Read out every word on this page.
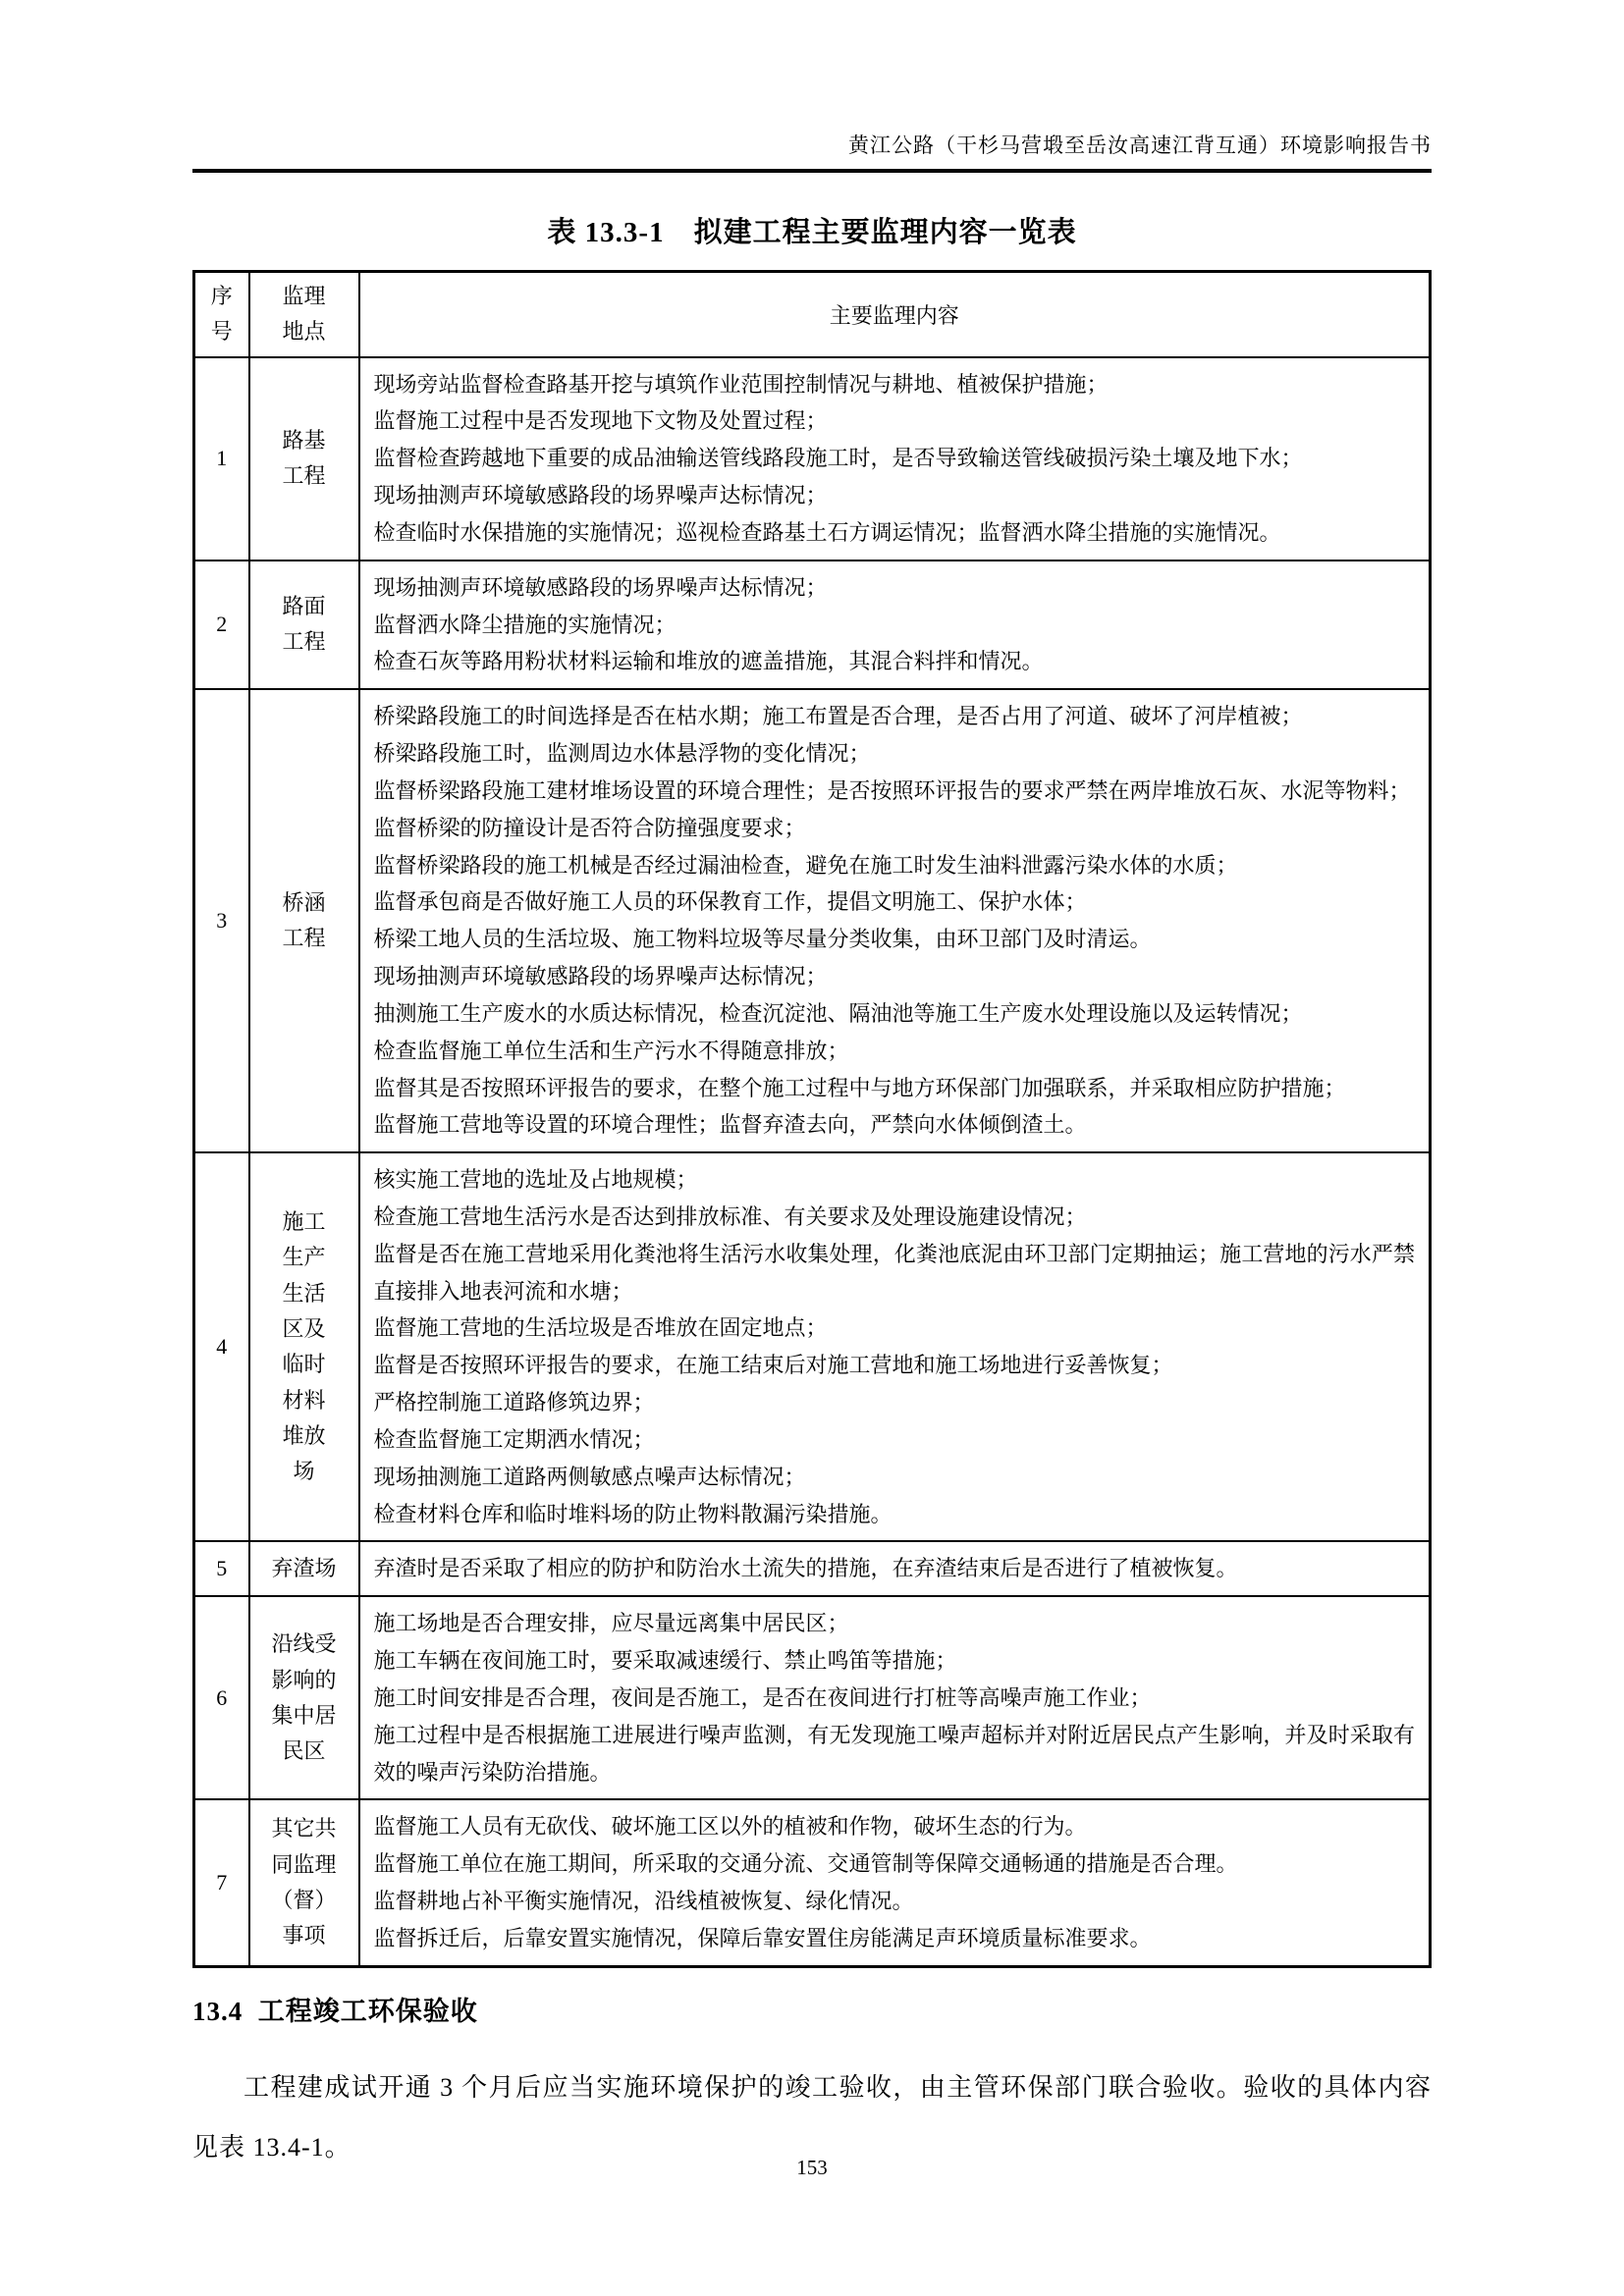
黄江公路（干杉马营塅至岳汝高速江背互通）环境影响报告书
表 13.3-1　拟建工程主要监理内容一览表
序号	监理地点	主要监理内容
1	路基工程	现场旁站监督检查路基开挖与填筑作业范围控制情况与耕地、植被保护措施；
监督施工过程中是否发现地下文物及处置过程；
监督检查跨越地下重要的成品油输送管线路段施工时，是否导致输送管线破损污染土壤及地下水；
现场抽测声环境敏感路段的场界噪声达标情况；
检查临时水保措施的实施情况；巡视检查路基土石方调运情况；监督洒水降尘措施的实施情况。

2	路面工程	现场抽测声环境敏感路段的场界噪声达标情况；
监督洒水降尘措施的实施情况；
检查石灰等路用粉状材料运输和堆放的遮盖措施，其混合料拌和情况。

3	桥涵工程	
桥梁路段施工的时间选择是否在枯水期；施工布置是否合理，是否占用了河道、破坏了河岸植被；
桥梁路段施工时，监测周边水体悬浮物的变化情况；
监督桥梁路段施工建材堆场设置的环境合理性；是否按照环评报告的要求严禁在两岸堆放石灰、水泥等物料；
监督桥梁的防撞设计是否符合防撞强度要求；
监督桥梁路段的施工机械是否经过漏油检查，避免在施工时发生油料泄露污染水体的水质；
监督承包商是否做好施工人员的环保教育工作，提倡文明施工、保护水体；
桥梁工地人员的生活垃圾、施工物料垃圾等尽量分类收集，由环卫部门及时清运。
现场抽测声环境敏感路段的场界噪声达标情况；
抽测施工生产废水的水质达标情况，检查沉淀池、隔油池等施工生产废水处理设施以及运转情况；
检查监督施工单位生活和生产污水不得随意排放；
监督其是否按照环评报告的要求，在整个施工过程中与地方环保部门加强联系，并采取相应防护措施；
监督施工营地等设置的环境合理性；监督弃渣去向，严禁向水体倾倒渣土。

4	施工生产生活区及临时材料堆放场	
核实施工营地的选址及占地规模；
检查施工营地生活污水是否达到排放标准、有关要求及处理设施建设情况；
监督是否在施工营地采用化粪池将生活污水收集处理，化粪池底泥由环卫部门定期抽运；施工营地的污水严禁直接排入地表河流和水塘；
监督施工营地的生活垃圾是否堆放在固定地点；
监督是否按照环评报告的要求，在施工结束后对施工营地和施工场地进行妥善恢复；
严格控制施工道路修筑边界；
检查监督施工定期洒水情况；
现场抽测施工道路两侧敏感点噪声达标情况；
检查材料仓库和临时堆料场的防止物料散漏污染措施。

5	弃渣场	弃渣时是否采取了相应的防护和防治水土流失的措施，在弃渣结束后是否进行了植被恢复。

6	沿线受影响的集中居民区	施工场地是否合理安排，应尽量远离集中居民区；
施工车辆在夜间施工时，要采取减速缓行、禁止鸣笛等措施；
施工时间安排是否合理，夜间是否施工，是否在夜间进行打桩等高噪声施工作业；
施工过程中是否根据施工进展进行噪声监测，有无发现施工噪声超标并对附近居民点产生影响，并及时采取有效的噪声污染防治措施。

7	其它共同监理（督）事项	监督施工人员有无砍伐、破坏施工区以外的植被和作物，破坏生态的行为。
监督施工单位在施工期间，所采取的交通分流、交通管制等保障交通畅通的措施是否合理。
监督耕地占补平衡实施情况，沿线植被恢复、绿化情况。
监督拆迁后，后靠安置实施情况，保障后靠安置住房能满足声环境质量标准要求。
13.4  工程竣工环保验收
工程建成试开通 3 个月后应当实施环境保护的竣工验收，由主管环保部门联合验收。验收的具体内容见表 13.4-1。
153
